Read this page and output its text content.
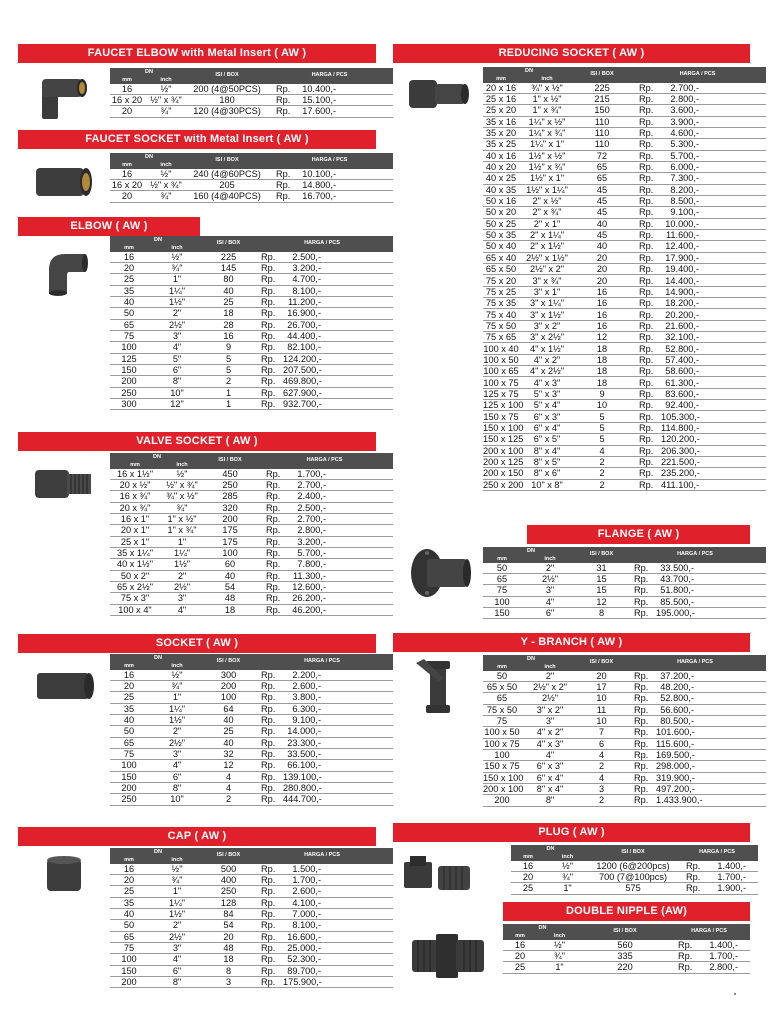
FAUCET ELBOW with Metal Insert ( AW )
DN		ISI / BOX	HARGA / PCS
mm	inch		
16	½"	200 (4@50PCS)	Rp. 10.400,-
16 x 20	½" x ¾"	180	Rp. 15.100,-
20	¾"	120 (4@30PCS)	Rp. 17.600,-
FAUCET SOCKET with Metal Insert ( AW )
DN		ISI / BOX	HARGA / PCS
mm	inch		
16	½"	240 (4@60PCS)	Rp. 10.100,-
16 x 20	½" x ¾"	205	Rp. 14.800,-
20	¾"	160 (4@40PCS)	Rp. 16.700,-
ELBOW ( AW )
DN		ISI / BOX	HARGA / PCS
mm	inch		
16	½"	225	Rp. 2.500,-
20	¾"	145	Rp. 3.200,-
25	1"	80	Rp. 4.700,-
35	1¼"	40	Rp. 8.100,-
40	1½"	25	Rp. 11.200,-
50	2"	18	Rp. 16.900,-
65	2½"	28	Rp. 26.700,-
75	3"	16	Rp. 44.400,-
100	4"	9	Rp. 82.100,-
125	5"	5	Rp. 124.200,-
150	6"	5	Rp. 207.500,-
200	8"	2	Rp. 469.800,-
250	10"	1	Rp. 627.900,-
300	12"	1	Rp. 932.700,-
VALVE SOCKET ( AW )
DN		ISI / BOX	HARGA / PCS
mm	inch		
16 x 1½"	½"	450	Rp. 1.700,-
20 x ½"	½" x ¾"	250	Rp. 2.700,-
16 x ¾"	¾" x ½"	285	Rp. 2.400,-
20 x ¾"	¾"	320	Rp. 2.500,-
16 x 1"	1" x ½"	200	Rp. 2.700,-
20 x 1"	1" x ¾"	175	Rp. 2.800,-
25 x 1"	1"	175	Rp. 3.200,-
35 x 1¼"	1¼"	100	Rp. 5.700,-
40 x 1½"	1½"	60	Rp. 7.800,-
50 x 2"	2"	40	Rp. 11.300,-
65 x 2½"	2½"	54	Rp. 12.600,-
75 x 3"	3"	48	Rp. 26.200,-
100 x 4"	4"	18	Rp. 46.200,-
SOCKET ( AW )
DN		ISI / BOX	HARGA / PCS
mm	inch		
16	½"	300	Rp. 2.200,-
20	¾"	200	Rp. 2.600,-
25	1"	100	Rp. 3.800,-
35	1¼"	64	Rp. 6.300,-
40	1½"	40	Rp. 9.100,-
50	2"	25	Rp. 14.000,-
65	2½"	40	Rp. 23.300,-
75	3"	32	Rp. 33.500,-
100	4"	12	Rp. 66.100,-
150	6"	4	Rp. 139.100,-
200	8"	4	Rp. 280.800,-
250	10"	2	Rp. 444.700,-
CAP ( AW )
DN		ISI / BOX	HARGA / PCS
mm	inch		
16	½"	500	Rp. 1.500,-
20	¾"	400	Rp. 1.700,-
25	1"	250	Rp. 2.600,-
35	1¼"	128	Rp. 4.100,-
40	1½"	84	Rp. 7.000,-
50	2"	54	Rp. 8.100,-
65	2½"	20	Rp. 16.600,-
75	3"	48	Rp. 25.000,-
100	4"	18	Rp. 52.300,-
150	6"	8	Rp. 89.700,-
200	8"	3	Rp. 175.900,-
REDUCING SOCKET ( AW )
DN		ISI / BOX	HARGA / PCS
mm	inch		
20 x 16	¾" x ½"	225	Rp. 2.700,-
25 x 16	1" x ½"	215	Rp. 2.800,-
25 x 20	1" x ¾"	150	Rp. 3.600,-
35 x 16	1¼" x ½"	110	Rp. 3.900,-
35 x 20	1¼" x ¾"	110	Rp. 4.600,-
35 x 25	1¼" x 1"	110	Rp. 5.300,-
40 x 16	1½" x ½"	72	Rp. 5.700,-
40 x 20	1½" x ¾"	65	Rp. 6.000,-
40 x 25	1½" x 1"	65	Rp. 7.300,-
40 x 35	1½" x 1¼"	45	Rp. 8.200,-
50 x 16	2" x ½"	45	Rp. 8.500,-
50 x 20	2" x ¾"	45	Rp. 9.100,-
50 x 25	2" x 1"	40	Rp. 10.000,-
50 x 35	2" x 1¼"	45	Rp. 11.600,-
50 x 40	2" x 1½"	40	Rp. 12.400,-
65 x 40	2½" x 1½"	20	Rp. 17.900,-
65 x 50	2½" x 2"	20	Rp. 19.400,-
75 x 20	3" x ¾"	20	Rp. 14.400,-
75 x 25	3" x 1"	16	Rp. 14.900,-
75 x 35	3" x 1¼"	16	Rp. 18.200,-
75 x 40	3" x 1½"	16	Rp. 20.200,-
75 x 50	3" x 2"	16	Rp. 21.600,-
75 x 65	3" x 2½"	12	Rp. 32.100,-
100 x 40	4" x 1½"	18	Rp. 52.800,-
100 x 50	4" x 2"	18	Rp. 57.400,-
100 x 65	4" x 2½"	18	Rp. 58.600,-
100 x 75	4" x 3"	18	Rp. 61.300,-
125 x 75	5" x 3"	9	Rp. 83.600,-
125 x 100	5" x 4"	10	Rp. 92.400,-
150 x 75	6" x 3"	5	Rp. 105.300,-
150 x 100	6" x 4"	5	Rp. 114.800,-
150 x 125	6" x 5"	5	Rp. 120.200,-
200 x 100	8" x 4"	4	Rp. 206.300,-
200 x 125	8" x 5"	2	Rp. 221.500,-
200 x 150	8" x 6"	2	Rp. 235.200,-
250 x 200	10" x 8"	2	Rp. 411.100,-
FLANGE ( AW )
DN		ISI / BOX	HARGA / PCS
mm	inch		
50	2"	31	Rp. 33.500,-
65	2½"	15	Rp. 43.700,-
75	3"	15	Rp. 51.800,-
100	4"	12	Rp. 85.500,-
150	6"	8	Rp. 195.000,-
Y - BRANCH ( AW )
DN		ISI / BOX	HARGA / PCS
mm	inch		
50	2"	20	Rp. 37.200,-
65 x 50	2½" x 2"	17	Rp. 48.200,-
65	2½"	10	Rp. 52.800,-
75 x 50	3" x 2"	11	Rp. 56.600,-
75	3"	10	Rp. 80.500,-
100 x 50	4" x 2"	7	Rp. 101.600,-
100 x 75	4" x 3"	6	Rp. 115.600,-
100	4"	4	Rp. 169.500,-
150 x 75	6" x 3"	2	Rp. 298.000,-
150 x 100	6" x 4"	4	Rp. 319.900,-
200 x 100	8" x 4"	3	Rp. 497.200,-
200	8"	2	Rp. 1.433.900,-
PLUG ( AW )
DN		ISI / BOX	HARGA / PCS
mm	inch		
16	½"	1200 (6@200pcs)	Rp. 1.400,-
20	¾"	700 (7@100pcs)	Rp. 1.700,-
25	1"	575	Rp. 1.900,-
DOUBLE NIPPLE (AW)
DN		ISI / BOX	HARGA / PCS
mm	inch		
16	½"	560	Rp. 1.400,-
20	¾"	335	Rp. 1.700,-
25	1"	220	Rp. 2.800,-
